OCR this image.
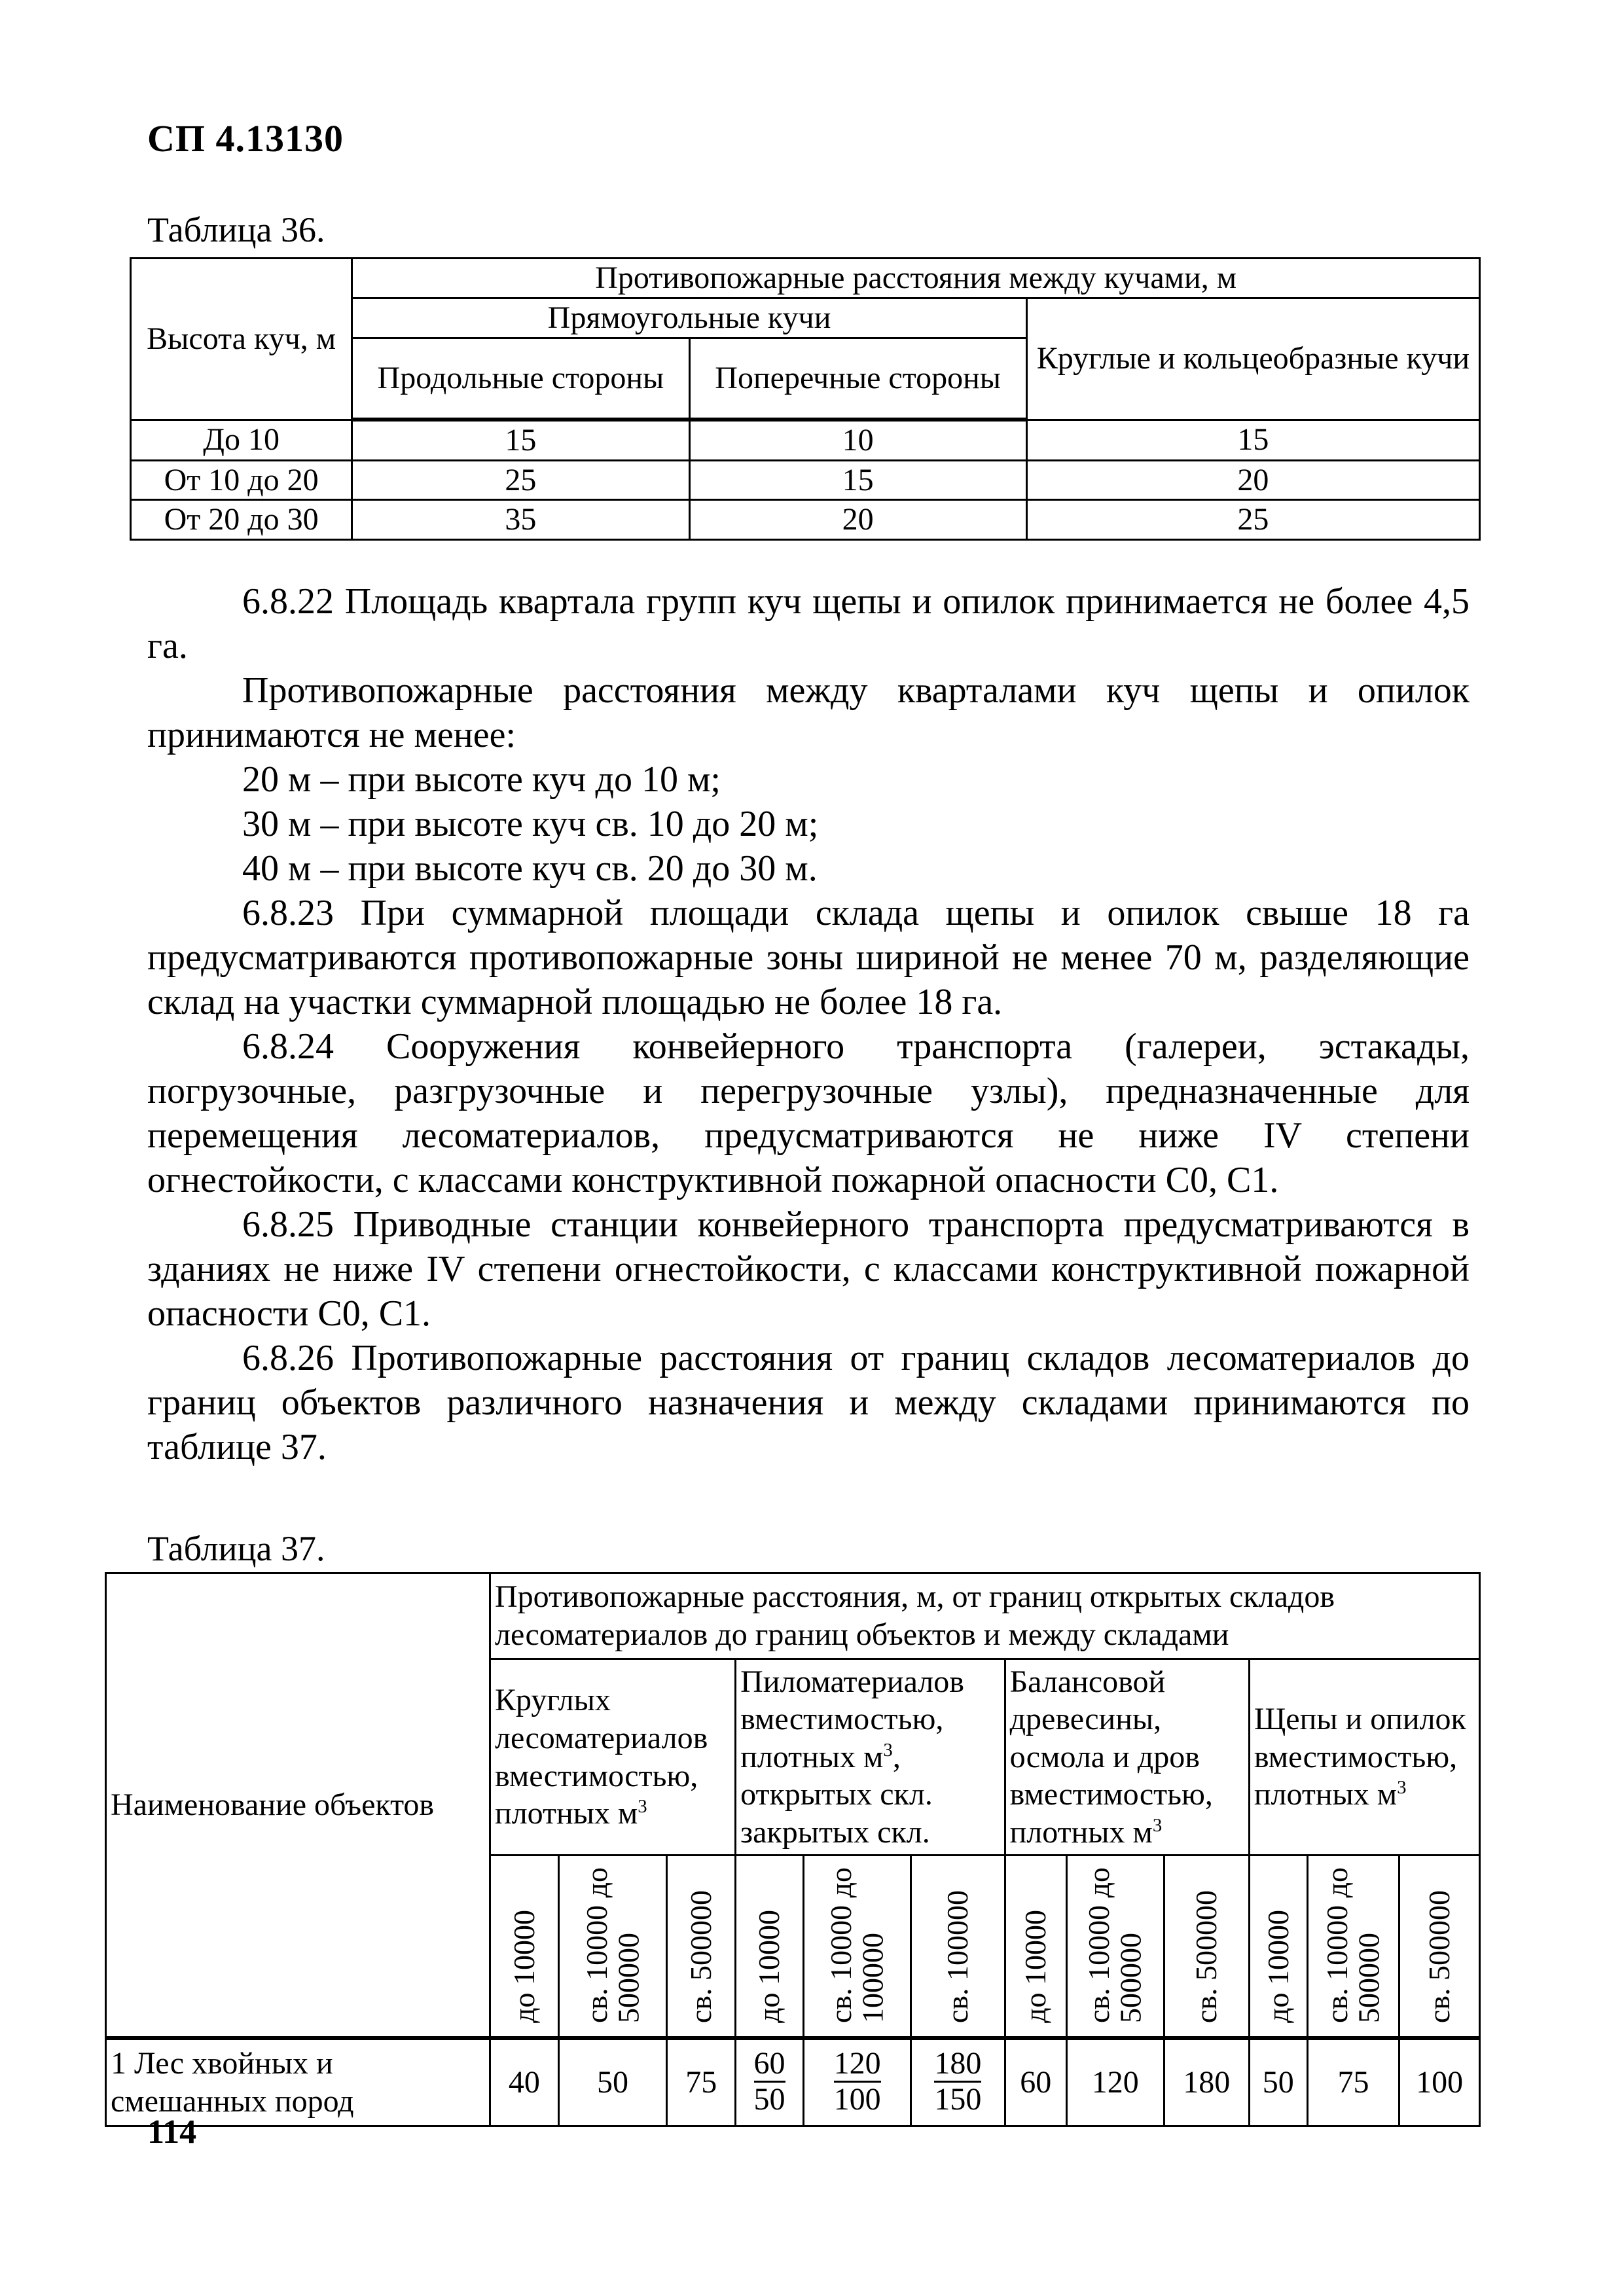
СП 4.13130
Таблица 36.
Высота куч, м	Противопожарные расстояния между кучами, м		
	Прямоугольные кучи		Круглые и кольцеобразные кучи
	Продольные стороны	Поперечные стороны	
До 10	15	10	15
От 10 до 20	25	15	20
От 20 до 30	35	20	25

6.8.22 Площадь квартала групп куч щепы и опилок принимается не более 4,5 га.

Противопожарные расстояния между кварталами куч щепы и опилок принимаются не менее:

20 м – при высоте куч до 10 м;

30 м – при высоте куч св. 10 до 20 м;

40 м – при высоте куч св. 20 до 30 м.

6.8.23 При суммарной площади склада щепы и опилок свыше 18 га предусматриваются противопожарные зоны шириной не менее 70 м, разделяющие склад на участки суммарной площадью не более 18 га.

6.8.24 Сооружения конвейерного транспорта (галереи, эстакады, погрузочные, разгрузочные и перегрузочные узлы), предназначенные для перемещения лесоматериалов, предусматриваются не ниже IV степени огнестойкости, с классами конструктивной пожарной опасности С0, С1.

6.8.25 Приводные станции конвейерного транспорта предусматриваются в зданиях не ниже IV степени огнестойкости, с классами конструктивной пожарной опасности С0, С1.

6.8.26 Противопожарные расстояния от границ складов лесоматериалов до границ объектов различного назначения и между складами принимаются по таблице 37.

Таблица 37.
Наименование объектов	Противопожарные расстояния, м, от границ открытых складов лесоматериалов до границ объектов и между складами											
	Круглых лесоматериалов вместимостью, плотных $м^3$			Пиломатериалов вместимостью, плотных $м^3$, открытых скл. закрытых скл.			Балансовой древесины, осмола и дров вместимостью, плотных $м^3$			Щепы и опилок вместимостью, плотных $м^3$
	до 10000	св. 10000 до 500000	св. 500000	до 10000	св. 10000 до 100000	св. 100000	до 10000	св. 10000 до 500000	св. 500000	до 10000	св. 10000 до 500000	св. 500000
1 Лес хвойных и смешанных пород	40	50	75	$\frac{60}{50}$	$\frac{120}{100}$	$\frac{180}{150}$	60	120	180	50	75	100
114
